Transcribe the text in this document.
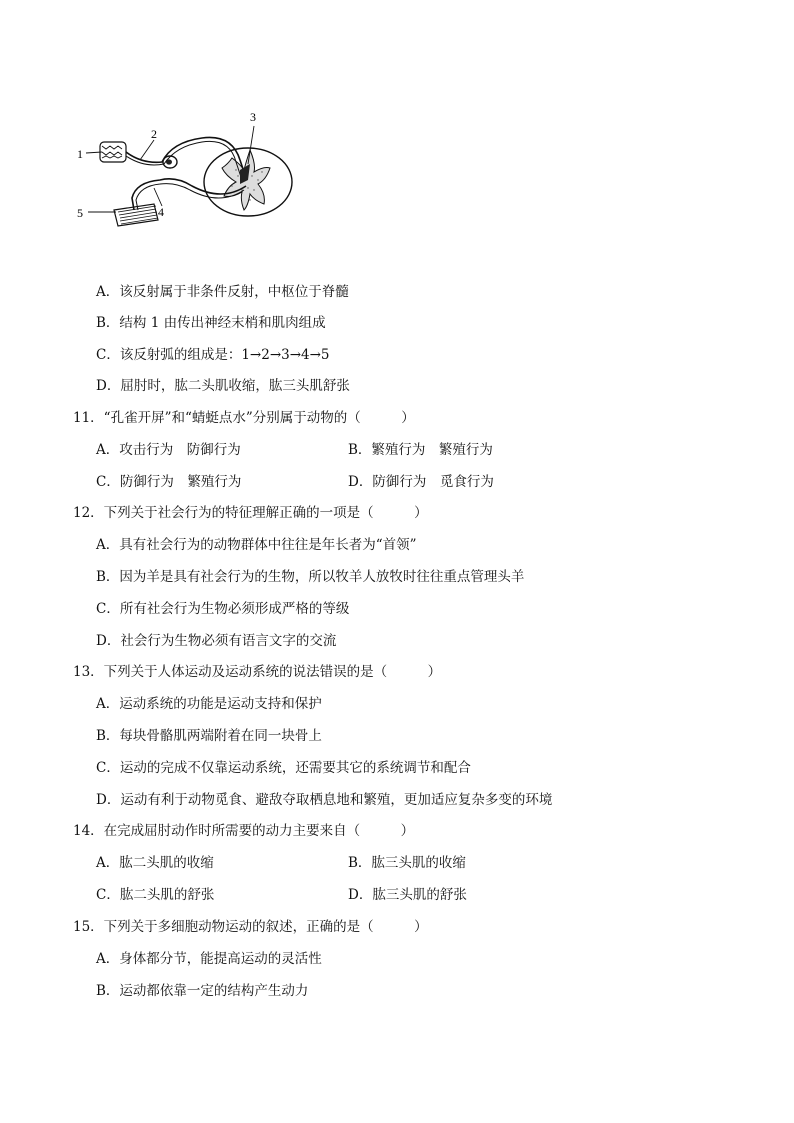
1
2
3
4
5
A．该反射属于非条件反射，中枢位于脊髓
B．结构 1 由传出神经末梢和肌肉组成
C．该反射弧的组成是：1→2→3→4→5
D．屈肘时，肱二头肌收缩，肱三头肌舒张
11．“孔雀开屏”和“蜻蜓点水”分别属于动物的（　　　）
A．攻击行为　防御行为	B．繁殖行为　繁殖行为
C．防御行为　繁殖行为	D．防御行为　觅食行为
12．下列关于社会行为的特征理解正确的一项是（　　　）
A．具有社会行为的动物群体中往往是年长者为“首领”
B．因为羊是具有社会行为的生物，所以牧羊人放牧时往往重点管理头羊
C．所有社会行为生物必须形成严格的等级
D．社会行为生物必须有语言文字的交流
13．下列关于人体运动及运动系统的说法错误的是（　　　）
A．运动系统的功能是运动支持和保护
B．每块骨骼肌两端附着在同一块骨上
C．运动的完成不仅靠运动系统，还需要其它的系统调节和配合
D．运动有利于动物觅食、避敌夺取栖息地和繁殖，更加适应复杂多变的环境
14．在完成屈肘动作时所需要的动力主要来自（　　　）
A．肱二头肌的收缩	B．肱三头肌的收缩
C．肱二头肌的舒张	D．肱三头肌的舒张
15．下列关于多细胞动物运动的叙述，正确的是（　　　）
A．身体都分节，能提高运动的灵活性
B．运动都依靠一定的结构产生动力
